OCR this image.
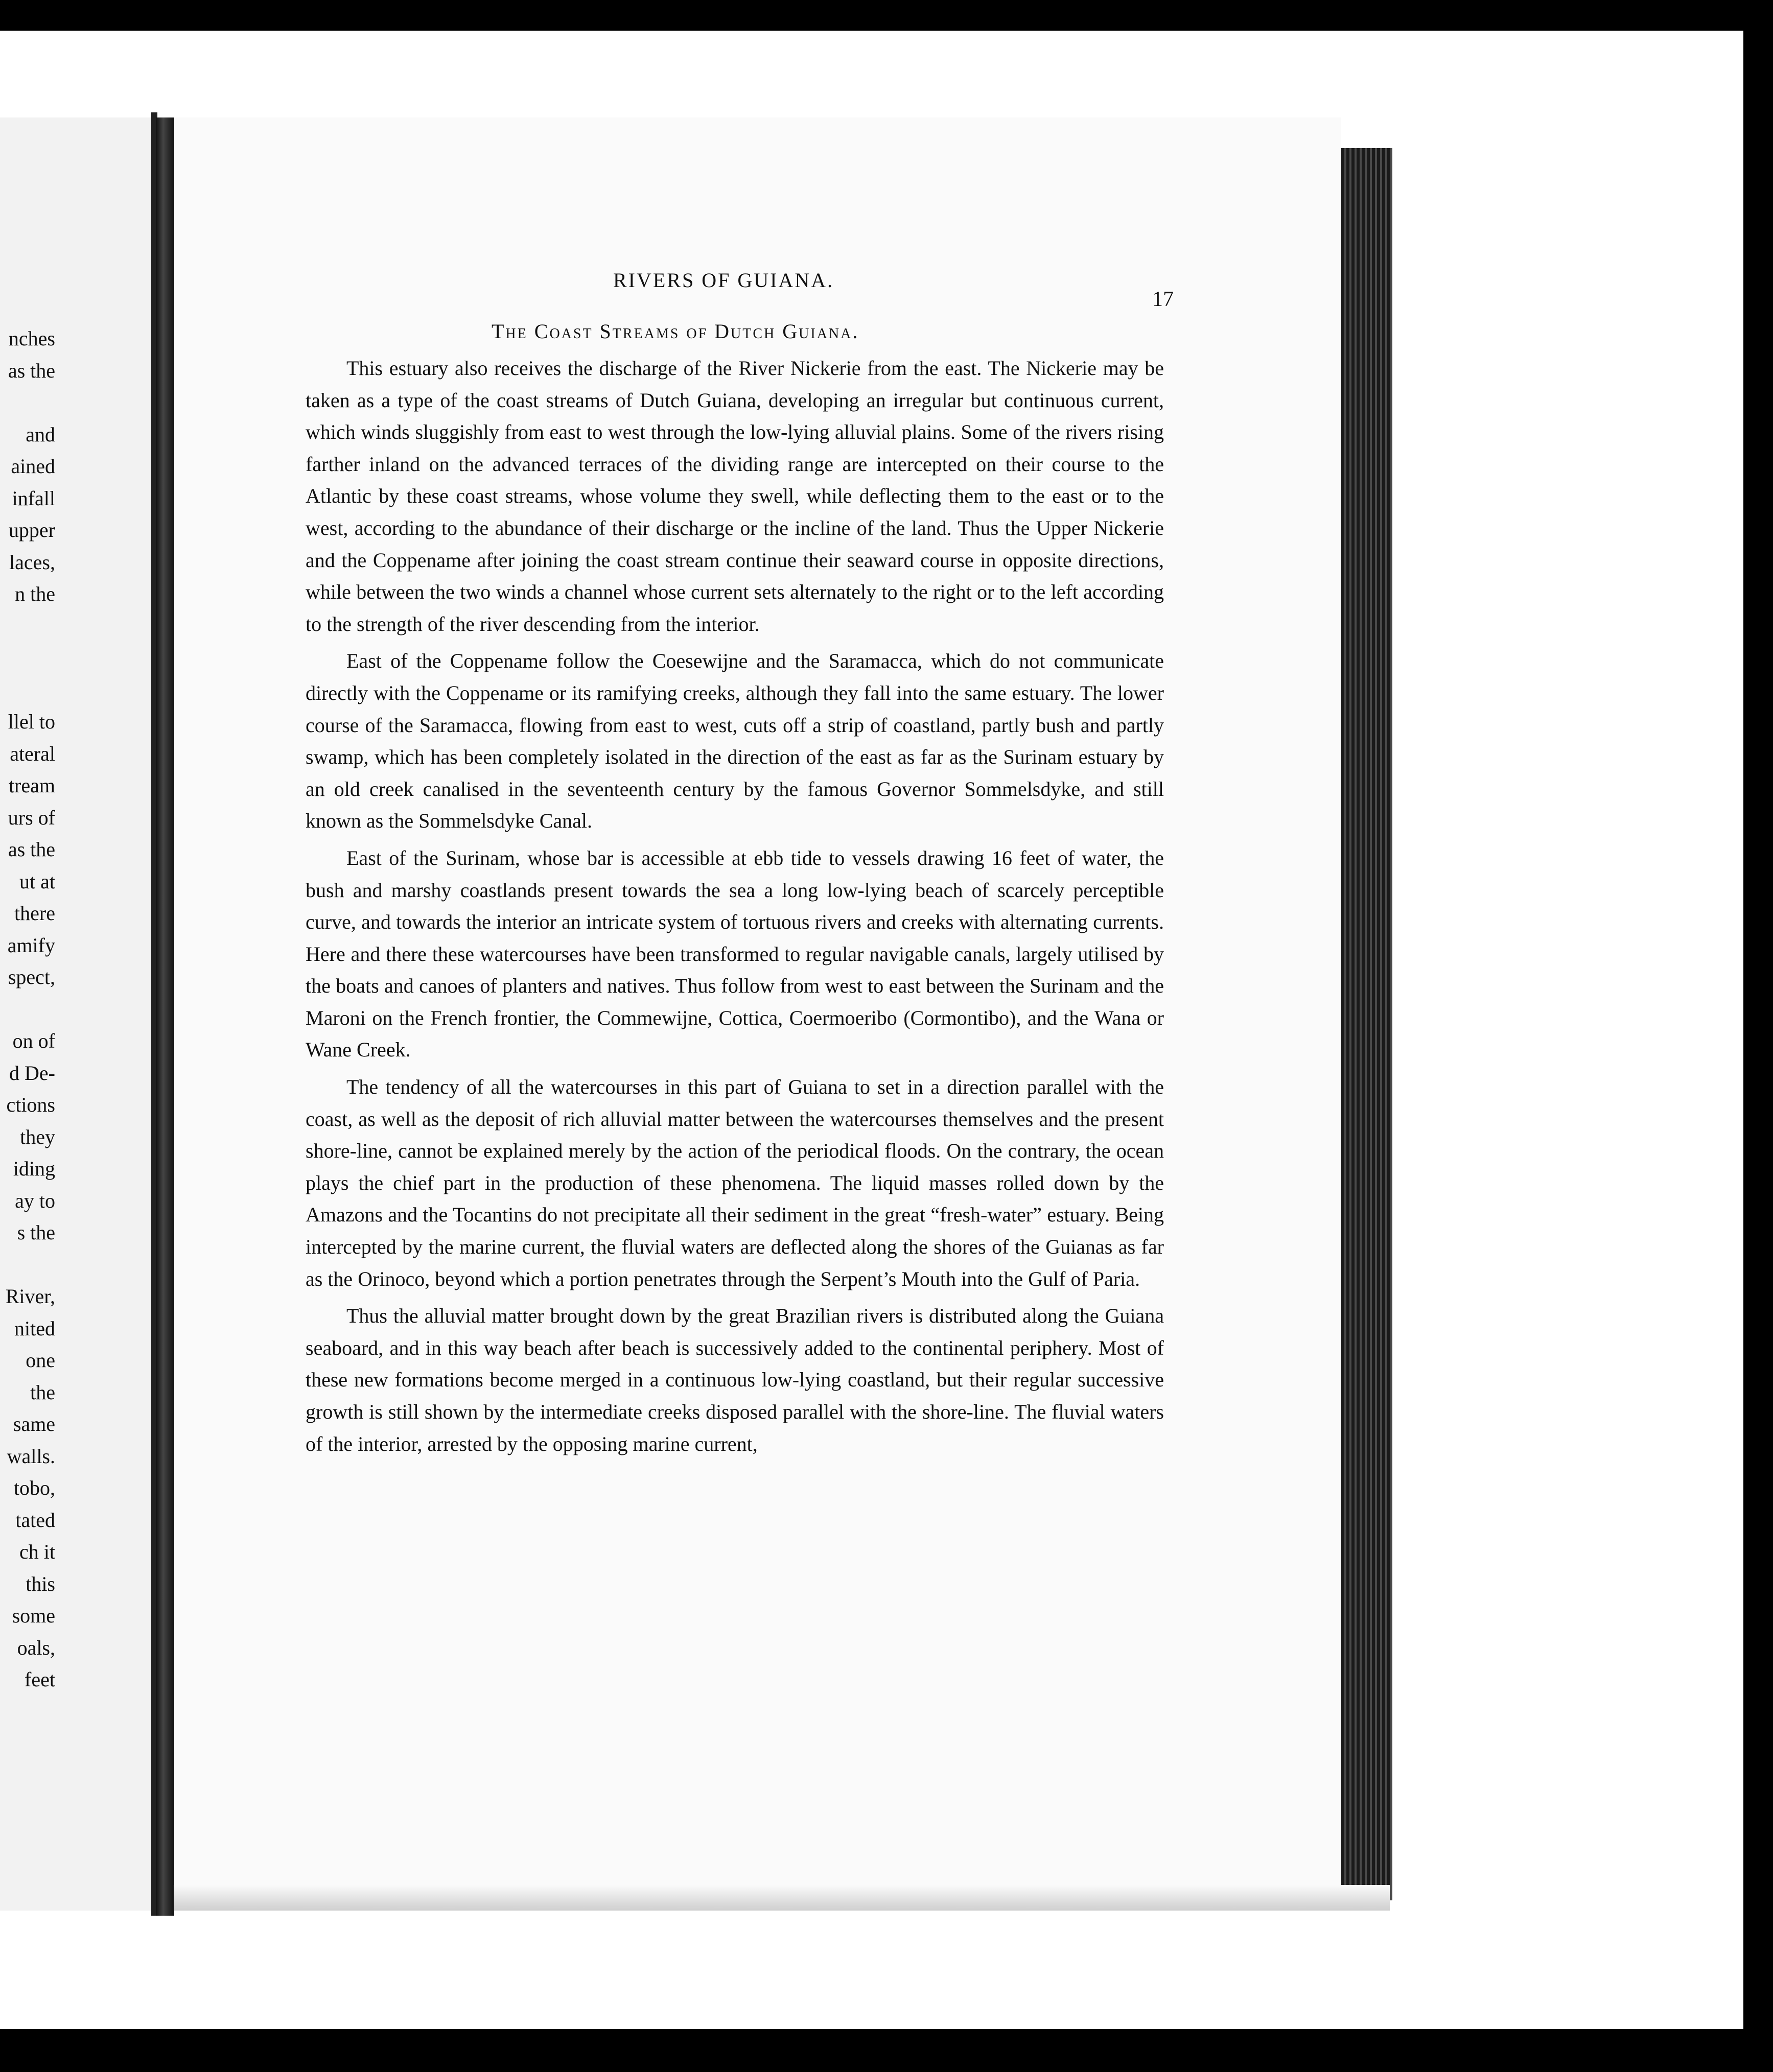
nches
as the

and
ained
infall
upper
laces,
n the

llel to
ateral
tream
urs of
as the
ut at
there
amify
spect,

on of
d De-
ctions
they
iding
ay to
s the

River,
nited
one
the
same
walls.
tobo,
tated
ch it
this
some
oals,
feet
RIVERS OF GUIANA.
17
The Coast Streams of Dutch Guiana.

This estuary also receives the discharge of the River Nickerie from the east. The Nickerie may be taken as a type of the coast streams of Dutch Guiana, developing an irregular but continuous current, which winds sluggishly from east to west through the low-lying alluvial plains. Some of the rivers rising farther inland on the advanced terraces of the dividing range are intercepted on their course to the Atlantic by these coast streams, whose volume they swell, while deflecting them to the east or to the west, according to the abundance of their discharge or the incline of the land. Thus the Upper Nickerie and the Coppename after joining the coast stream continue their seaward course in opposite directions, while between the two winds a channel whose current sets alternately to the right or to the left according to the strength of the river descending from the interior.

East of the Coppename follow the Coesewijne and the Saramacca, which do not communicate directly with the Coppename or its ramifying creeks, although they fall into the same estuary. The lower course of the Saramacca, flowing from east to west, cuts off a strip of coastland, partly bush and partly swamp, which has been completely isolated in the direction of the east as far as the Surinam estuary by an old creek canalised in the seventeenth century by the famous Governor Sommelsdyke, and still known as the Sommelsdyke Canal.

East of the Surinam, whose bar is accessible at ebb tide to vessels drawing 16 feet of water, the bush and marshy coastlands present towards the sea a long low-lying beach of scarcely perceptible curve, and towards the interior an intricate system of tortuous rivers and creeks with alternating currents. Here and there these watercourses have been transformed to regular navigable canals, largely utilised by the boats and canoes of planters and natives. Thus follow from west to east between the Surinam and the Maroni on the French frontier, the Commewijne, Cottica, Coermoeribo (Cormontibo), and the Wana or Wane Creek.

The tendency of all the watercourses in this part of Guiana to set in a direction parallel with the coast, as well as the deposit of rich alluvial matter between the watercourses themselves and the present shore-line, cannot be explained merely by the action of the periodical floods. On the contrary, the ocean plays the chief part in the production of these phenomena. The liquid masses rolled down by the Amazons and the Tocantins do not precipitate all their sediment in the great “fresh-water” estuary. Being intercepted by the marine current, the fluvial waters are deflected along the shores of the Guianas as far as the Orinoco, beyond which a portion penetrates through the Serpent’s Mouth into the Gulf of Paria.

Thus the alluvial matter brought down by the great Brazilian rivers is distributed along the Guiana seaboard, and in this way beach after beach is successively added to the continental periphery. Most of these new formations become merged in a continuous low-lying coastland, but their regular successive growth is still shown by the intermediate creeks disposed parallel with the shore-line. The fluvial waters of the interior, arrested by the opposing marine current,
